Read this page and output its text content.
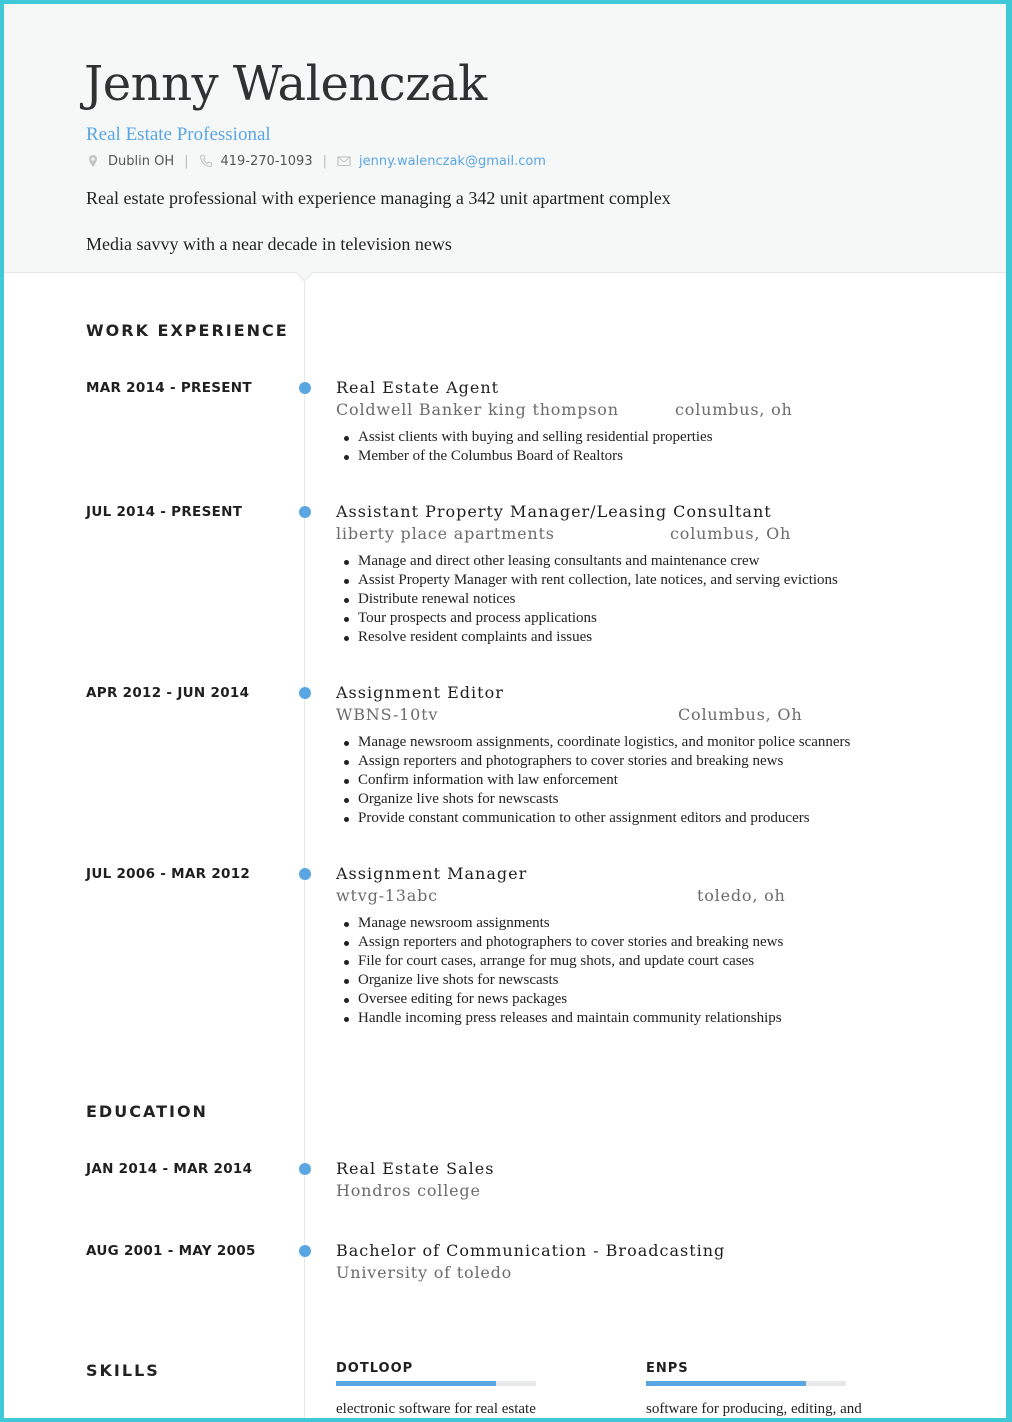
Jenny Walenczak
Real Estate Professional
Dublin OH | 419-270-1093 | jenny.walenczak@gmail.com
Real estate professional with experience managing a 342 unit apartment complex
Media savvy with a near decade in television news
WORK EXPERIENCE
MAR 2014 - PRESENT	Real Estate Agent
Coldwell Banker king thompson	columbus, oh
Assist clients with buying and selling residential properties
Member of the Columbus Board of Realtors
JUL 2014 - PRESENT	Assistant Property Manager/Leasing Consultant
liberty place apartments	columbus, Oh
Manage and direct other leasing consultants and maintenance crew
Assist Property Manager with rent collection, late notices, and serving evictions
Distribute renewal notices
Tour prospects and process applications
Resolve resident complaints and issues
APR 2012 - JUN 2014	Assignment Editor
WBNS-10tv	Columbus, Oh
Manage newsroom assignments, coordinate logistics, and monitor police scanners
Assign reporters and photographers to cover stories and breaking news
Confirm information with law enforcement
Organize live shots for newscasts
Provide constant communication to other assignment editors and producers
JUL 2006 - MAR 2012	Assignment Manager
wtvg-13abc	toledo, oh
Manage newsroom assignments
Assign reporters and photographers to cover stories and breaking news
File for court cases, arrange for mug shots, and update court cases
Organize live shots for newscasts
Oversee editing for news packages
Handle incoming press releases and maintain community relationships
EDUCATION
JAN 2014 - MAR 2014	Real Estate Sales
Hondros college
AUG 2001 - MAY 2005	Bachelor of Communication - Broadcasting
University of toledo
SKILLS	DOTLOOP
electronic software for real estate
ENPS
software for producing, editing, and
